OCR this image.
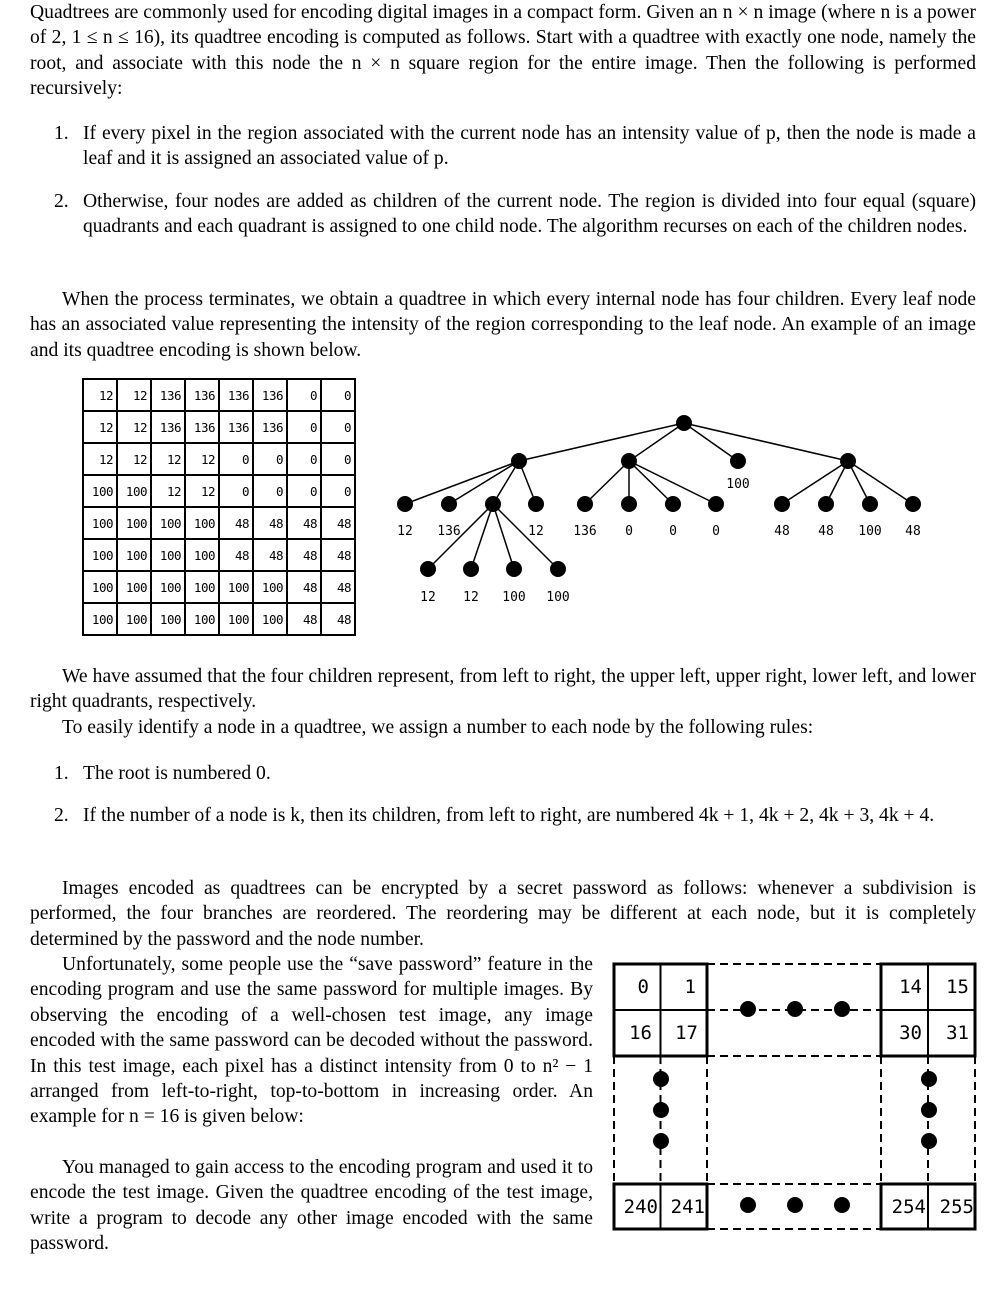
Quadtrees are commonly used for encoding digital images in a compact form. Given an n × n image (where n is a power of 2, 1 ≤ n ≤ 16), its quadtree encoding is computed as follows. Start with a quadtree with exactly one node, namely the root, and associate with this node the n × n square region for the entire image. Then the following is performed recursively:

1. If every pixel in the region associated with the current node has an intensity value of p, then the node is made a leaf and it is assigned an associated value of p.
2. Otherwise, four nodes are added as children of the current node. The region is divided into four equal (square) quadrants and each quadrant is assigned to one child node. The algorithm recurses on each of the children nodes.

When the process terminates, we obtain a quadtree in which every internal node has four children. Every leaf node has an associated value representing the intensity of the region corresponding to the leaf node. An example of an image and its quadtree encoding is shown below.

12	12	136	136	136	136	0	0
12	12	136	136	136	136	0	0
12	12	12	12	0	0	0	0
100	100	12	12	0	0	0	0
100	100	100	100	48	48	48	48
100	100	100	100	48	48	48	48
100	100	100	100	100	100	48	48
100	100	100	100	100	100	48	48
100
12 136	12 136 0	0	0	48 48 100 48
12 12 100 100

We have assumed that the four children represent, from left to right, the upper left, upper right, lower left, and lower right quadrants, respectively.

To easily identify a node in a quadtree, we assign a number to each node by the following rules:

1. The root is numbered 0.
2. If the number of a node is k, then its children, from left to right, are numbered 4k + 1, 4k + 2, 4k + 3, 4k + 4.

Images encoded as quadtrees can be encrypted by a secret password as follows: whenever a subdivision is performed, the four branches are reordered. The reordering may be different at each node, but it is completely determined by the password and the node number.

Unfortunately, some people use the “save password” feature in the encoding program and use the same password for multiple images. By observing the encoding of a well-chosen test image, any image encoded with the same password can be decoded without the password. In this test image, each pixel has a distinct intensity from 0 to n² − 1 arranged from left-to-right, top-to-bottom in increasing order. An example for n = 16 is given below:

You managed to gain access to the encoding program and used it to encode the test image. Given the quadtree encoding of the test image, write a program to decode any other image encoded with the same password.

0 1
16 17
14 15
30 31
240 241	254 255
